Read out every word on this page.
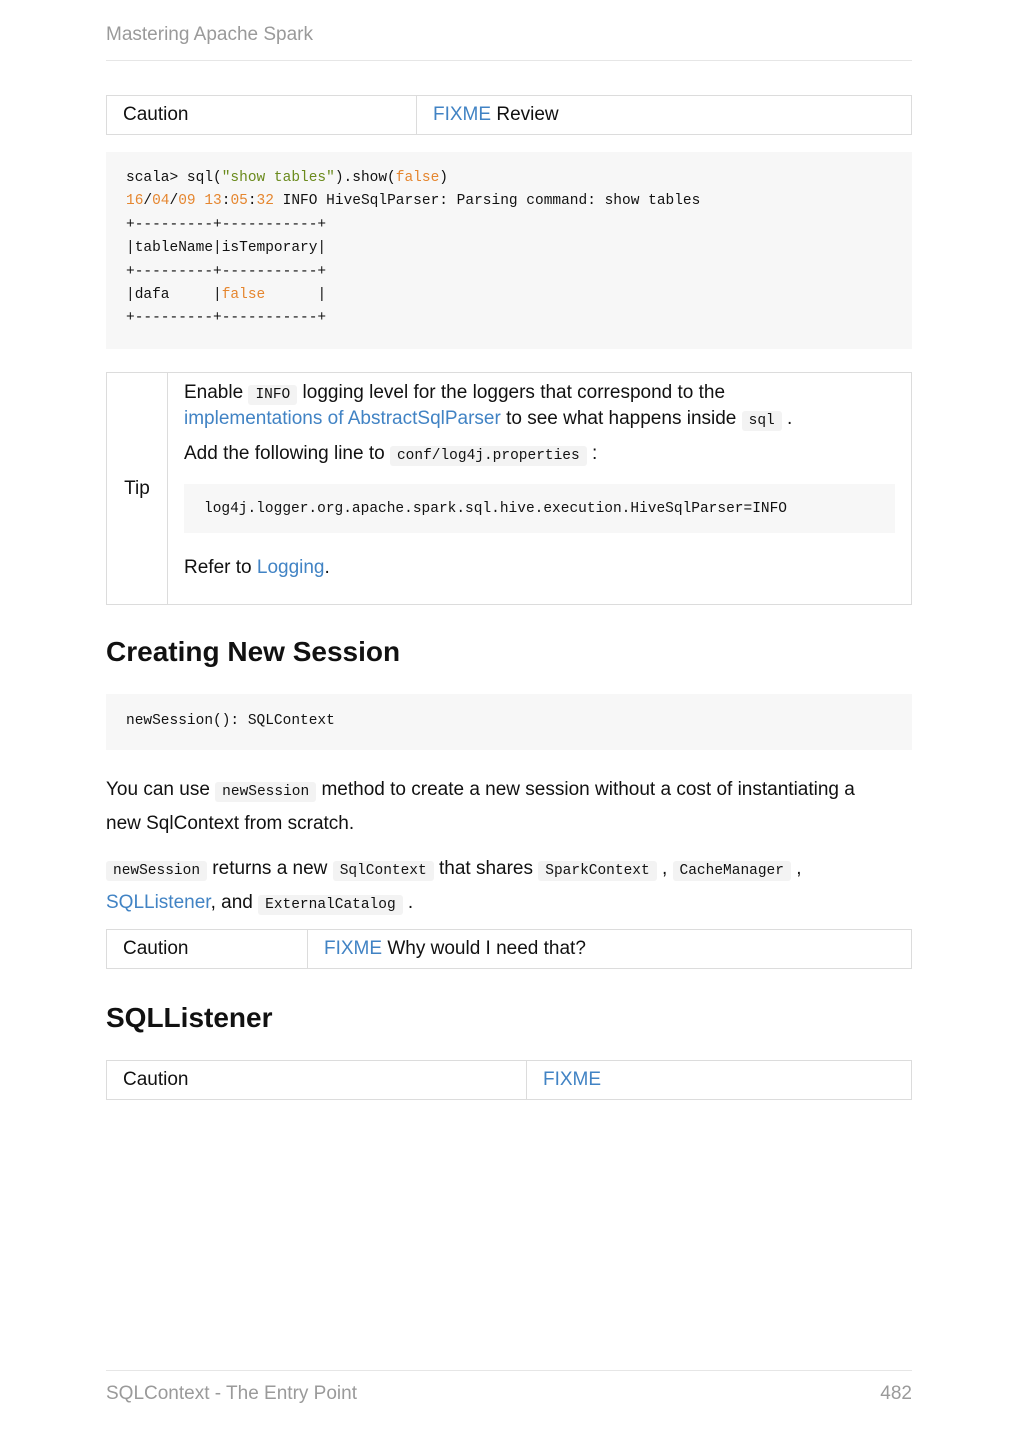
Mastering Apache Spark
Caution	FIXME Review
scala> sql("show tables").show(false)
16/04/09 13:05:32 INFO HiveSqlParser: Parsing command: show tables
+---------+-----------+
|tableName|isTemporary|
+---------+-----------+
|dafa     |false      |
+---------+-----------+
Tip
Enable INFO logging level for the loggers that correspond to the
implementations of AbstractSqlParser to see what happens inside sql .
Add the following line to conf/log4j.properties :
Refer to Logging.
log4j.logger.org.apache.spark.sql.hive.execution.HiveSqlParser=INFO
Creating New Session
newSession(): SQLContext
You can use newSession method to create a new session without a cost of instantiating a
new SqlContext from scratch.
newSession returns a new SqlContext that shares SparkContext , CacheManager ,
SQLListener, and ExternalCatalog .
Caution	FIXME Why would I need that?
SQLListener
Caution	FIXME
SQLContext - The Entry Point	482
